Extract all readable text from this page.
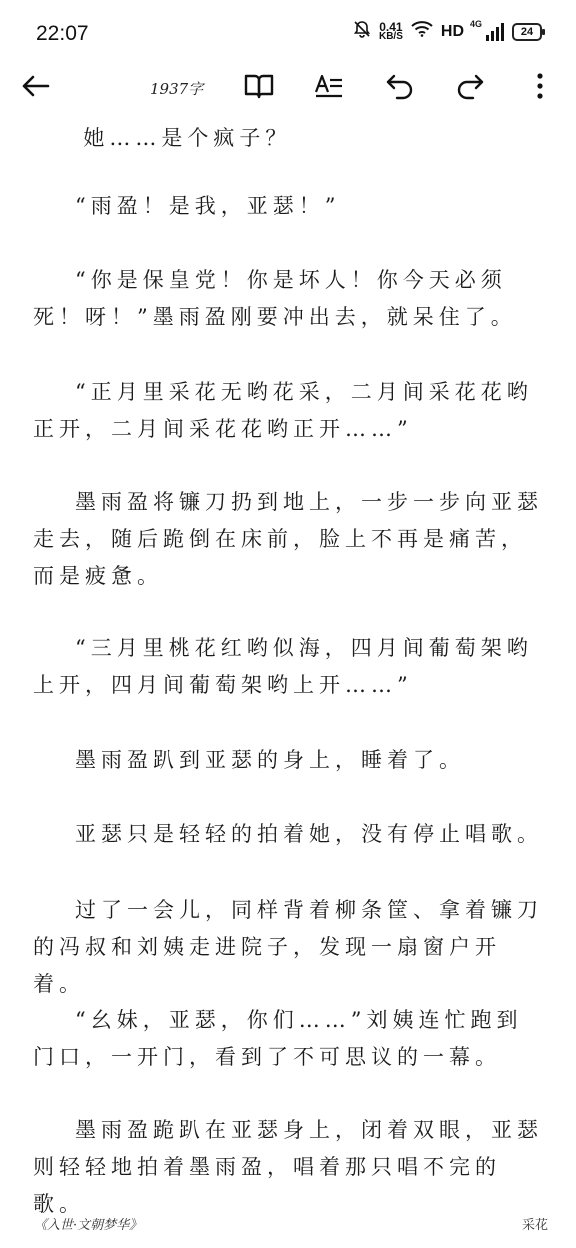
22:07	0.41
KB/S HD 4G
24
1937字

她……是个疯子？

“雨盈！是我，亚瑟！”

“你是保皇党！你是坏人！你今天必须死！呀！”墨雨盈刚要冲出去，就呆住了。

“正月里采花无哟花采，二月间采花花哟正开，二月间采花花哟正开……”

墨雨盈将镰刀扔到地上，一步一步向亚瑟走去，随后跪倒在床前，脸上不再是痛苦，而是疲惫。

“三月里桃花红哟似海，四月间葡萄架哟上开，四月间葡萄架哟上开……”

墨雨盈趴到亚瑟的身上，睡着了。

亚瑟只是轻轻的拍着她，没有停止唱歌。

过了一会儿，同样背着柳条筐、拿着镰刀的冯叔和刘姨走进院子，发现一扇窗户开着。

“幺妹，亚瑟，你们……”刘姨连忙跑到门口，一开门，看到了不可思议的一幕。

墨雨盈跪趴在亚瑟身上，闭着双眼，亚瑟则轻轻地拍着墨雨盈，唱着那只唱不完的歌。

《入世·文朝梦华》	采花
